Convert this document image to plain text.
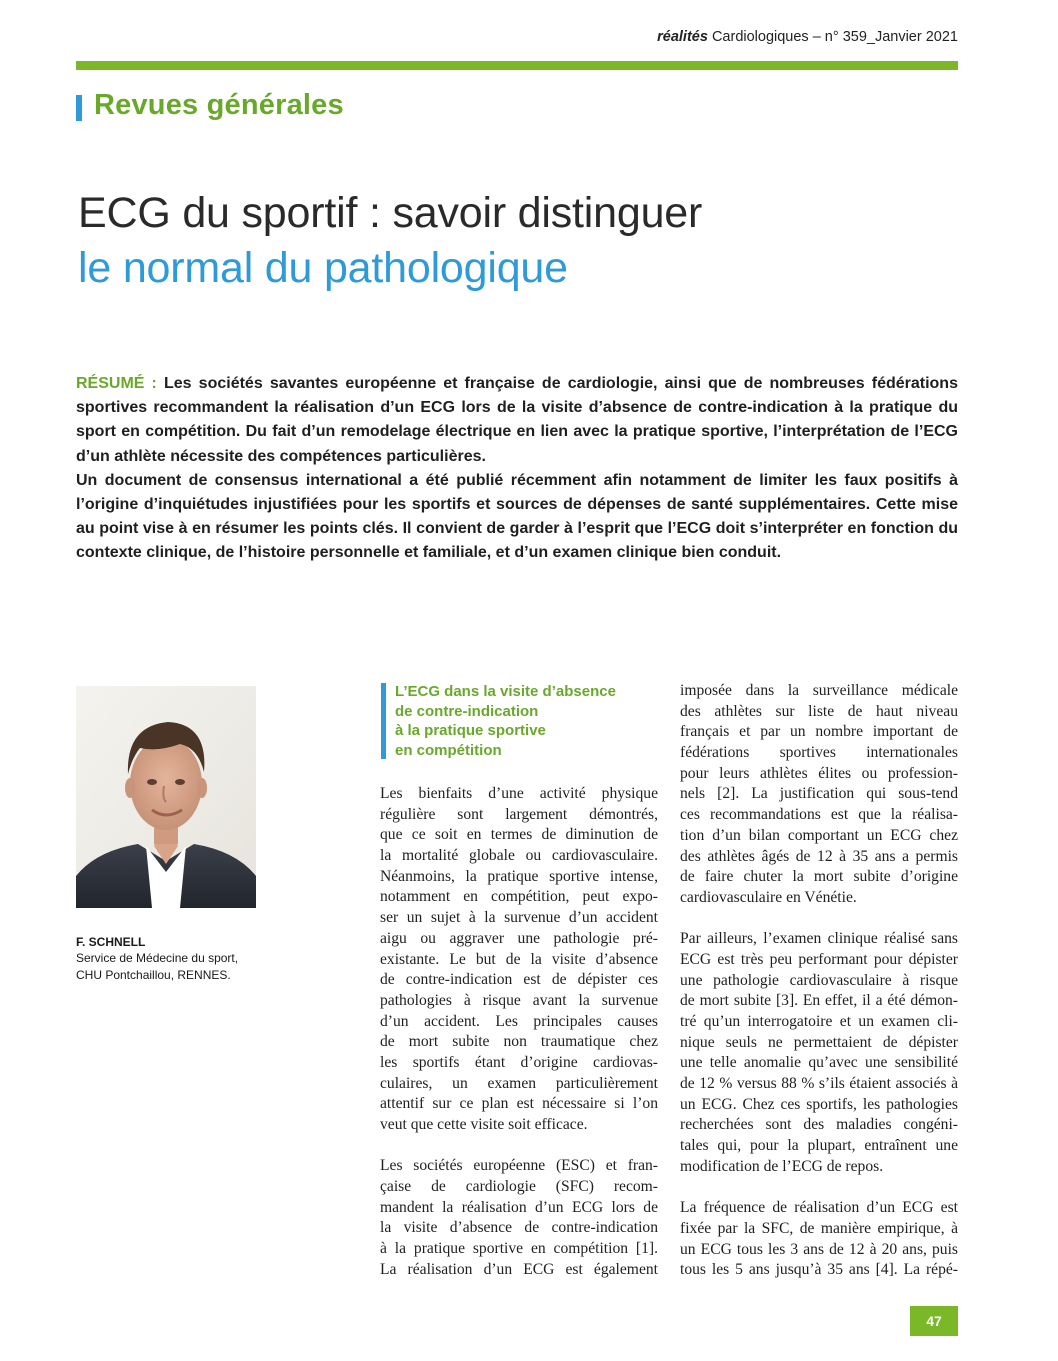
réalités Cardiologiques – n° 359_Janvier 2021
Revues générales
ECG du sportif : savoir distinguer
le normal du pathologique

RÉSUMÉ : Les sociétés savantes européenne et française de cardiologie, ainsi que de nombreuses fédérations sportives recommandent la réalisation d’un ECG lors de la visite d’absence de contre-indication à la pratique du sport en compétition. Du fait d’un remodelage électrique en lien avec la pratique sportive, l’interprétation de l’ECG d’un athlète nécessite des compétences particulières.

Un document de consensus international a été publié récemment afin notamment de limiter les faux positifs à l’origine d’inquiétudes injustifiées pour les sportifs et sources de dépenses de santé supplémentaires. Cette mise au point vise à en résumer les points clés. Il convient de garder à l’esprit que l’ECG doit s’interpréter en fonction du contexte clinique, de l’histoire personnelle et familiale, et d’un examen clinique bien conduit.

F. SCHNELL
Service de Médecine du sport,
CHU Pontchaillou, RENNES.
L’ECG dans la visite d’absence
de contre-indication
à la pratique sportive
en compétition
Les bienfaits d’une activité physique
régulière sont largement démontrés,
que ce soit en termes de diminution de
la mortalité globale ou cardiovasculaire.
Néanmoins, la pratique sportive intense,
notamment en compétition, peut expo-
ser un sujet à la survenue d’un accident
aigu ou aggraver une pathologie pré-
existante. Le but de la visite d’absence
de contre-indication est de dépister ces
pathologies à risque avant la survenue
d’un accident. Les principales causes
de mort subite non traumatique chez
les sportifs étant d’origine cardiovas-
culaires, un examen particulièrement
attentif sur ce plan est nécessaire si l’on
veut que cette visite soit efficace.
Les sociétés européenne (ESC) et fran-
çaise de cardiologie (SFC) recom-
mandent la réalisation d’un ECG lors de
la visite d’absence de contre-indication
à la pratique sportive en compétition [1].
La réalisation d’un ECG est également
imposée dans la surveillance médicale
des athlètes sur liste de haut niveau
français et par un nombre important de
fédérations sportives internationales
pour leurs athlètes élites ou profession-
nels [2]. La justification qui sous-tend
ces recommandations est que la réalisa-
tion d’un bilan comportant un ECG chez
des athlètes âgés de 12 à 35 ans a permis
de faire chuter la mort subite d’origine
cardiovasculaire en Vénétie.
Par ailleurs, l’examen clinique réalisé sans
ECG est très peu performant pour dépister
une pathologie cardiovasculaire à risque
de mort subite [3]. En effet, il a été démon-
tré qu’un interrogatoire et un examen cli-
nique seuls ne permettaient de dépister
une telle anomalie qu’avec une sensibilité
de 12 % versus 88 % s’ils étaient associés à
un ECG. Chez ces sportifs, les pathologies
recherchées sont des maladies congéni-
tales qui, pour la plupart, entraînent une
modification de l’ECG de repos.
La fréquence de réalisation d’un ECG est
fixée par la SFC, de manière empirique, à
un ECG tous les 3 ans de 12 à 20 ans, puis
tous les 5 ans jusqu’à 35 ans [4]. La répé-
47
